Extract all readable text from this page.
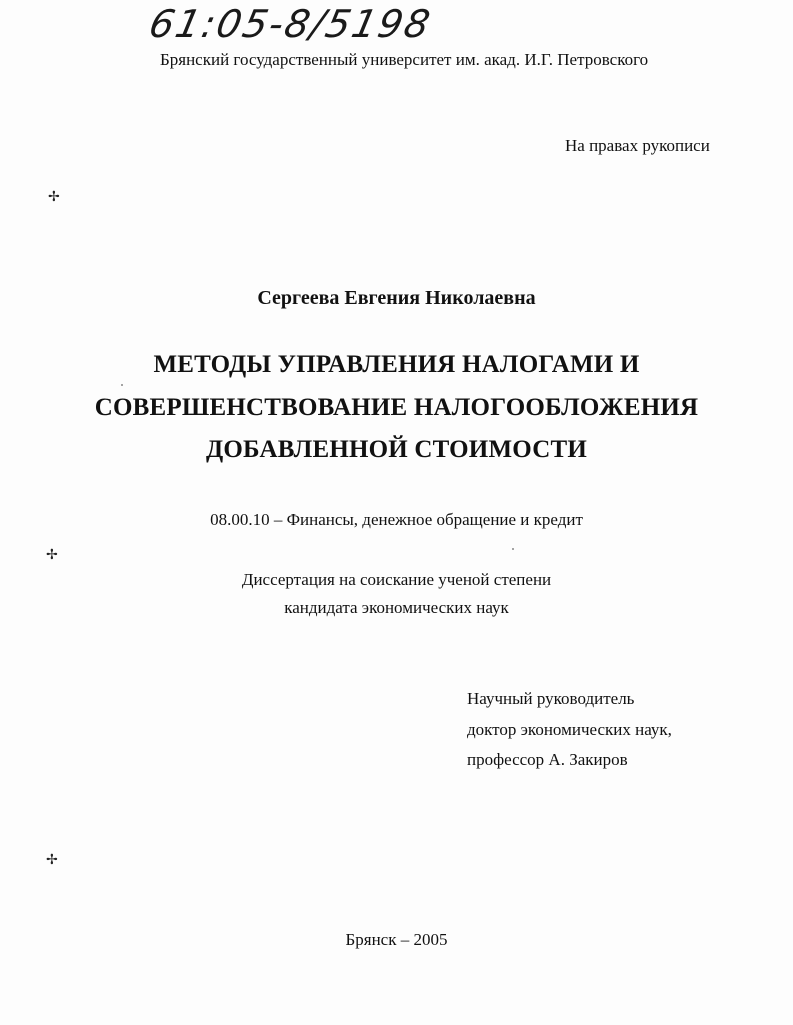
61:05-8/5198
Брянский государственный университет им. акад. И.Г. Петровского
На правах рукописи
✢
✢
✢
Сергеева Евгения Николаевна
МЕТОДЫ УПРАВЛЕНИЯ НАЛОГАМИ И
СОВЕРШЕНСТВОВАНИЕ НАЛОГООБЛОЖЕНИЯ
ДОБАВЛЕННОЙ СТОИМОСТИ
08.00.10 – Финансы, денежное обращение и кредит
Диссертация на соискание ученой степени
кандидата экономических наук
Научный руководитель
доктор экономических наук,
профессор А. Закиров
Брянск – 2005
